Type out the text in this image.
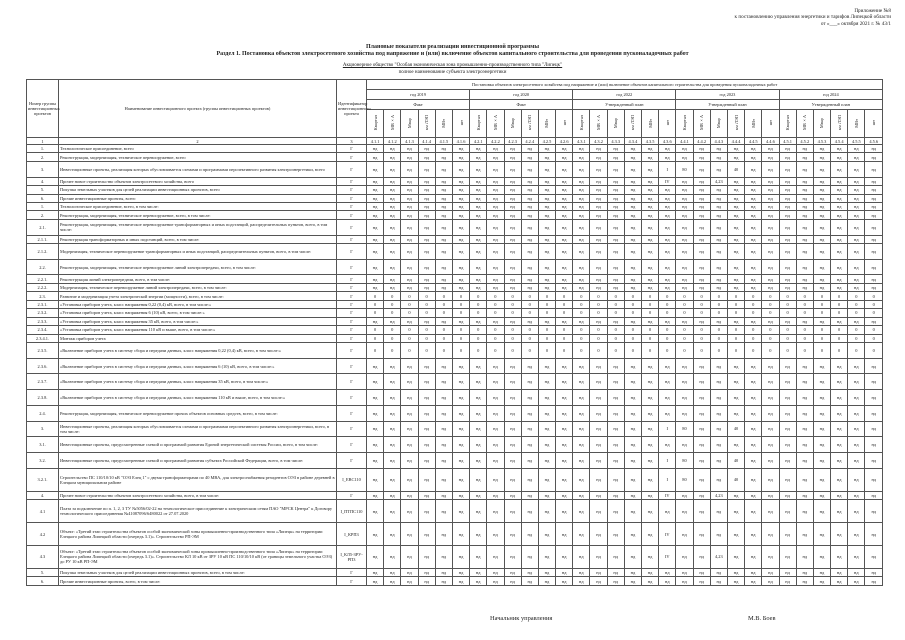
Приложение №8
к постановлению управления энергетики и тарифов Липецкой области
от «___» октября 2021 г. № 43/1
Плановые показатели реализации инвестиционной программы
Раздел 1. Постановка объектов электросетевого хозяйства под напряжение и (или) включение объектов капитального строительства для проведения пусконаладочных работ
Акционерное общество "Особая экономическая зона промышленно-производственного типа "Липецк"
полное наименование субъекта электроэнергетики
Номер группы инвестиционных проектов	Наименование инвестиционного проекта (группы инвестиционных проектов)	Идентификатор инвестиционного проекта	Постановка объектов электросетевого хозяйства под напряжение и (или) включение объектов капитального строительства для проведения пусконаладочных работ																													
			год 2019						год 2020						год 2022						год 2023						год 2024					
			Факт						Факт						Утвержденный план						Утвержденный план						Утвержденный план					
			Квартал	МВ×А	Мвар	км ЛЭП	МВт	шт	Квартал	МВ×А	Мвар	км ЛЭП	МВт	шт	Квартал	МВ×А	Мвар	км ЛЭП	МВт	шт	Квартал	МВ×А	Мвар	км ЛЭП	МВт	шт	Квартал	МВ×А	Мвар	км ЛЭП	МВт	шт
1	2	3	4.1.1	4.1.2	4.1.3	4.1.4	4.1.5	4.1.6	4.2.1	4.2.2	4.2.3	4.2.4	4.2.5	4.2.6	4.3.1	4.3.2	4.3.3	4.3.4	4.3.5	4.3.6	4.4.1	4.4.2	4.4.3	4.4.4	4.4.5	4.4.6	4.5.1	4.5.2	4.5.3	4.5.4	4.5.5	4.5.6
1.	Технологическое присоединение, всего	Г	нд	нд	нд	нд	нд	нд	нд	нд	нд	нд	нд	нд	нд	нд	нд	нд	нд	нд	нд	нд	нд	нд	нд	нд	нд	нд	нд	нд	нд	нд
2.	Реконструкция, модернизация, техническое перевооружение, всего	Г	нд	нд	нд	нд	нд	нд	нд	нд	нд	нд	нд	нд	нд	нд	нд	нд	нд	нд	нд	нд	нд	нд	нд	нд	нд	нд	нд	нд	нд	нд
3.	Инвестиционные проекты, реализация которых обусловливается схемами и программами перспективного развития электроэнергетики, всего	Г	нд	нд	нд	нд	нд	нд	нд	нд	нд	нд	нд	нд	нд	нд	нд	нд	нд	I	80	нд	нд	40	нд	нд	нд	нд	нд	нд	нд	нд
4.	Прочее новое строительство объектов электросетевого хозяйства, всего	Г	нд	нд	нд	нд	нд	нд	нд	нд	нд	нд	нд	нд	нд	нд	нд	нд	нд	IV	нд	нд	4,23	нд	нд	нд	нд	нд	нд	нд	нд	нд
5.	Покупка земельных участков для целей реализации инвестиционных проектов, всего	Г	нд	нд	нд	нд	нд	нд	нд	нд	нд	нд	нд	нд	нд	нд	нд	нд	нд	нд	нд	нд	нд	нд	нд	нд	нд	нд	нд	нд	нд	нд
6.	Прочие инвестиционные проекты, всего	Г	нд	нд	нд	нд	нд	нд	нд	нд	нд	нд	нд	нд	нд	нд	нд	нд	нд	нд	нд	нд	нд	нд	нд	нд	нд	нд	нд	нд	нд	нд
1.	Технологическое присоединение, всего, в том числе:	Г	нд	нд	нд	нд	нд	нд	нд	нд	нд	нд	нд	нд	нд	нд	нд	нд	нд	нд	нд	нд	нд	нд	нд	нд	нд	нд	нд	нд	нд	нд
2.	Реконструкция, модернизация, техническое перевооружение, всего, в том числе:	Г	нд	нд	нд	нд	нд	нд	нд	нд	нд	нд	нд	нд	нд	нд	нд	нд	нд	нд	нд	нд	нд	нд	нд	нд	нд	нд	нд	нд	нд	нд
2.1.	Реконструкция, модернизация, техническое перевооружение трансформаторных и иных подстанций, распределительных пунктов, всего, в том числе:	Г	нд	нд	нд	нд	нд	нд	нд	нд	нд	нд	нд	нд	нд	нд	нд	нд	нд	нд	нд	нд	нд	нд	нд	нд	нд	нд	нд	нд	нд	нд
2.1.1.	Реконструкция трансформаторных и иных подстанций, всего, в том числе:	Г	нд	нд	нд	нд	нд	нд	нд	нд	нд	нд	нд	нд	нд	нд	нд	нд	нд	нд	нд	нд	нд	нд	нд	нд	нд	нд	нд	нд	нд	нд
2.1.2.	Модернизация, техническое перевооружение трансформаторных и иных подстанций, распределительных пунктов, всего, в том числе:	Г	нд	нд	нд	нд	нд	нд	нд	нд	нд	нд	нд	нд	нд	нд	нд	нд	нд	нд	нд	нд	нд	нд	нд	нд	нд	нд	нд	нд	нд	нд
2.2.	Реконструкция, модернизация, техническое перевооружение линий электропередачи, всего, в том числе:	Г	нд	нд	нд	нд	нд	нд	нд	нд	нд	нд	нд	нд	нд	нд	нд	нд	нд	нд	нд	нд	нд	нд	нд	нд	нд	нд	нд	нд	нд	нд
2.2.1.	Реконструкция линий электропередачи, всего, в том числе:	Г	нд	нд	нд	нд	нд	нд	нд	нд	нд	нд	нд	нд	нд	нд	нд	нд	нд	нд	нд	нд	нд	нд	нд	нд	нд	нд	нд	нд	нд	нд
2.2.2.	Модернизация, техническое перевооружение линий электропередачи, всего, в том числе:	Г	нд	нд	нд	нд	нд	нд	нд	нд	нд	нд	нд	нд	нд	нд	нд	нд	нд	нд	нд	нд	нд	нд	нд	нд	нд	нд	нд	нд	нд	нд
2.3.	Развитие и модернизация учета электрической энергии (мощности), всего, в том числе:	Г	0	0	0	0	0	0	0	0	0	0	0	0	0	0	0	0	0	0	0	0	0	0	0	0	0	0	0	0	0	0
2.3.1.	«Установка приборов учета, класс напряжения 0,22 (0,4) кВ, всего, в том числе:»	Г	0	0	0	0	0	0	0	0	0	0	0	0	0	0	0	0	0	0	0	0	0	0	0	0	0	0	0	0	0	0
2.3.2.	«Установка приборов учета, класс напряжения 6 (10) кВ, всего, в том числе:»	Г	0	0	0	0	0	0	0	0	0	0	0	0	0	0	0	0	0	0	0	0	0	0	0	0	0	0	0	0	0	0
2.3.3.	«Установка приборов учета, класс напряжения 35 кВ, всего, в том числе:»	Г	нд	нд	нд	нд	нд	нд	нд	нд	нд	нд	нд	нд	нд	нд	нд	нд	нд	нд	нд	нд	нд	нд	нд	нд	нд	нд	нд	нд	нд	нд
2.3.4.	«Установка приборов учета, класс напряжения 110 кВ и выше, всего, в том числе:»	Г	0	0	0	0	0	0	0	0	0	0	0	0	0	0	0	0	0	0	0	0	0	0	0	0	0	0	0	0	0	0
2.3.4.1.	Монтаж приборов учета	Г	0	0	0	0	0	0	0	0	0	0	0	0	0	0	0	0	0	0	0	0	0	0	0	0	0	0	0	0	0	0
2.3.5.	«Включение приборов учета в систему сбора и передачи данных, класс напряжения 0,22 (0,4) кВ, всего, в том числе:»	Г	0	0	0	0	0	0	0	0	0	0	0	0	0	0	0	0	0	0	0	0	0	0	0	0	0	0	0	0	0	0
2.3.6.	«Включение приборов учета в систему сбора и передачи данных, класс напряжения 6 (10) кВ, всего, в том числе:»	Г	нд	нд	нд	нд	нд	нд	нд	нд	нд	нд	нд	нд	нд	нд	нд	нд	нд	нд	нд	нд	нд	нд	нд	нд	нд	нд	нд	нд	нд	нд
2.3.7.	«Включение приборов учета в систему сбора и передачи данных, класс напряжения 35 кВ, всего, в том числе:»	Г	нд	нд	нд	нд	нд	нд	нд	нд	нд	нд	нд	нд	нд	нд	нд	нд	нд	нд	нд	нд	нд	нд	нд	нд	нд	нд	нд	нд	нд	нд
2.3.8.	«Включение приборов учета в систему сбора и передачи данных, класс напряжения 110 кВ и выше, всего, в том числе:»	Г	нд	нд	нд	нд	нд	нд	нд	нд	нд	нд	нд	нд	нд	нд	нд	нд	нд	нд	нд	нд	нд	нд	нд	нд	нд	нд	нд	нд	нд	нд
2.4.	Реконструкция, модернизация, техническое перевооружение прочих объектов основных средств, всего, в том числе:	Г	нд	нд	нд	нд	нд	нд	нд	нд	нд	нд	нд	нд	нд	нд	нд	нд	нд	нд	нд	нд	нд	нд	нд	нд	нд	нд	нд	нд	нд	нд
3.	Инвестиционные проекты, реализация которых обусловливается схемами и программами перспективного развития электроэнергетики, всего, в том числе:	Г	нд	нд	нд	нд	нд	нд	нд	нд	нд	нд	нд	нд	нд	нд	нд	нд	нд	I	80	нд	нд	40	нд	нд	нд	нд	нд	нд	нд	нд
3.1.	Инвестиционные проекты, предусмотренные схемой и программой развития Единой энергетической системы России, всего, в том числе:	Г	нд	нд	нд	нд	нд	нд	нд	нд	нд	нд	нд	нд	нд	нд	нд	нд	нд	нд	нд	нд	нд	нд	нд	нд	нд	нд	нд	нд	нд	нд
3.2.	Инвестиционные проекты, предусмотренные схемой и программой развития субъекта Российской Федерации, всего, в том числе:	Г	нд	нд	нд	нд	нд	нд	нд	нд	нд	нд	нд	нд	нд	нд	нд	нд	нд	I	80	нд	нд	40	нд	нд	нд	нд	нд	нд	нд	нд
3.2.1.	Строительство ПС 110/10/10 кВ "ОЭЗ Елец 1" с двумя трансформаторами по 40 МВА, для электроснабжения резидентов ОЭЗ в районе деревней в Елецком муниципальном районе	I_ЕВС110	нд	нд	нд	нд	нд	нд	нд	нд	нд	нд	нд	нд	нд	нд	нд	нд	нд	I	80	нд	нд	40	нд	нд	нд	нд	нд	нд	нд	нд
4.	Прочее новое строительство объектов электросетевого хозяйства, всего, в том числе:	Г	нд	нд	нд	нд	нд	нд	нд	нд	нд	нд	нд	нд	нд	нд	нд	нд	нд	IV	нд	нд	4,23	нд	нд	нд	нд	нд	нд	нд	нд	нд
4.1	Плата за подключение по п. 1, 2, 3 ТУ №5056/02-22 на технологическое присоединение к электрическим сетям ПАО "МРСК Центра" к Договору технологического присоединения №41087096/6480022 от 27.07.2020	I_ПТПС110	нд	нд	нд	нд	нд	нд	нд	нд	нд	нд	нд	нд	нд	нд	нд	нд	нд	нд	нд	нд	нд	нд	нд	нд	нд	нд	нд	нд	нд	нд
4.2	Объект: «Третий этап строительства объектов особой экономической зоны промышленно-производственного типа «Липецк» на территории Елецкого района Липецкой области (очередь 3.1)». Строительство РП-ЭМ	I_КРП3	нд	нд	нд	нд	нд	нд	нд	нд	нд	нд	нд	нд	нд	нд	нд	нд	нд	IV	нд	нд	нд	нд	нд	нд	нд	нд	нд	нд	нд	нд
4.3	Объект: «Третий этап строительства объектов особой экономической зоны промышленно-производственного типа «Липецк» на территории Елецкого района Липецкой области (очередь 3.1)». Строительство КЛ 10 кВ от ЗРУ 10 кВ ПС 110/10/10 кВ (от границы земельного участка ОЭЗ) до РУ 10 кВ РП-ЭМ	I_КЛ5-ЗРУ-РП3	нд	нд	нд	нд	нд	нд	нд	нд	нд	нд	нд	нд	нд	нд	нд	нд	нд	IV	нд	нд	4,23	нд	нд	нд	нд	нд	нд	нд	нд	нд
5.	Покупка земельных участков для целей реализации инвестиционных проектов, всего, в том числе:	Г	нд	нд	нд	нд	нд	нд	нд	нд	нд	нд	нд	нд	нд	нд	нд	нд	нд	нд	нд	нд	нд	нд	нд	нд	нд	нд	нд	нд	нд	нд
6.	Прочие инвестиционные проекты, всего, в том числе:	Г	нд	нд	нд	нд	нд	нд	нд	нд	нд	нд	нд	нд	нд	нд	нд	нд	нд	нд	нд	нд	нд	нд	нд	нд	нд	нд	нд	нд	нд	нд
Начальник управления	М.В. Боев
